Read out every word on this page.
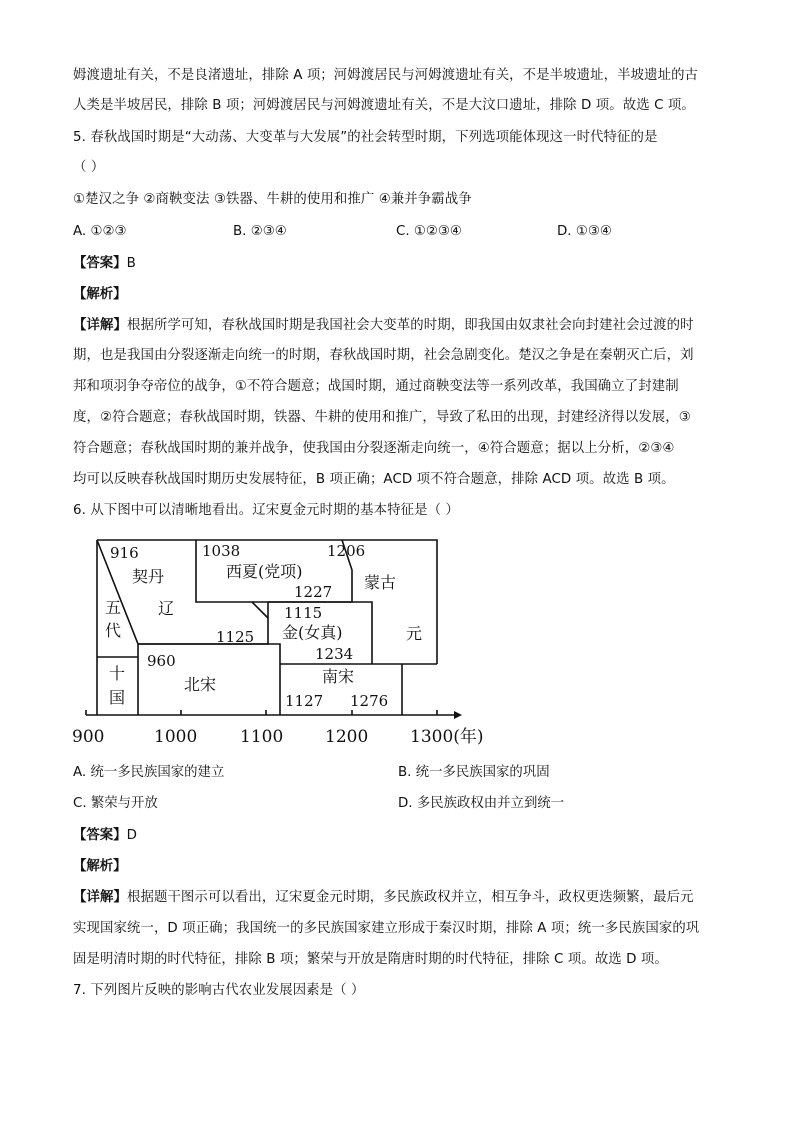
姆渡遗址有关，不是良渚遗址，排除 A 项；河姆渡居民与河姆渡遗址有关，不是半坡遗址，半坡遗址的古
人类是半坡居民，排除 B 项；河姆渡居民与河姆渡遗址有关，不是大汶口遗址，排除 D 项。故选 C 项。
5. 春秋战国时期是“大动荡、大变革与大发展”的社会转型时期，下列选项能体现这一时代特征的是
（ ）
①楚汉之争 ②商鞅变法 ③铁器、牛耕的使用和推广 ④兼并争霸战争
A. ①②③	B. ②③④	C. ①②③④	D. ①③④
【答案】B
【解析】
【详解】根据所学可知，春秋战国时期是我国社会大变革的时期，即我国由奴隶社会向封建社会过渡的时
期，也是我国由分裂逐渐走向统一的时期，春秋战国时期，社会急剧变化。楚汉之争是在秦朝灭亡后，刘
邦和项羽争夺帝位的战争，①不符合题意；战国时期，通过商鞅变法等一系列改革，我国确立了封建制
度，②符合题意；春秋战国时期，铁器、牛耕的使用和推广，导致了私田的出现，封建经济得以发展，③
符合题意；春秋战国时期的兼并战争，使我国由分裂逐渐走向统一，④符合题意；据以上分析，②③④
均可以反映春秋战国时期历史发展特征，B 项正确；ACD 项不符合题意，排除 ACD 项。故选 B 项。
6. 从下图中可以清晰地看出。辽宋夏金元时期的基本特征是（ ）
916
契丹
辽
1125
五
代
十
国
1038
西夏(党项)
1227
1206
蒙古
1115
金(女真)
1234
元
960
北宋	南宋
1127 1276
900	1000	1100 1200 1300(年)
A. 统一多民族国家的建立	B. 统一多民族国家的巩固
C. 繁荣与开放	D. 多民族政权由并立到统一
【答案】D
【解析】
【详解】根据题干图示可以看出，辽宋夏金元时期，多民族政权并立，相互争斗，政权更迭频繁，最后元
实现国家统一，D 项正确；我国统一的多民族国家建立形成于秦汉时期，排除 A 项；统一多民族国家的巩
固是明清时期的时代特征，排除 B 项；繁荣与开放是隋唐时期的时代特征，排除 C 项。故选 D 项。
7. 下列图片反映的影响古代农业发展因素是（ ）
